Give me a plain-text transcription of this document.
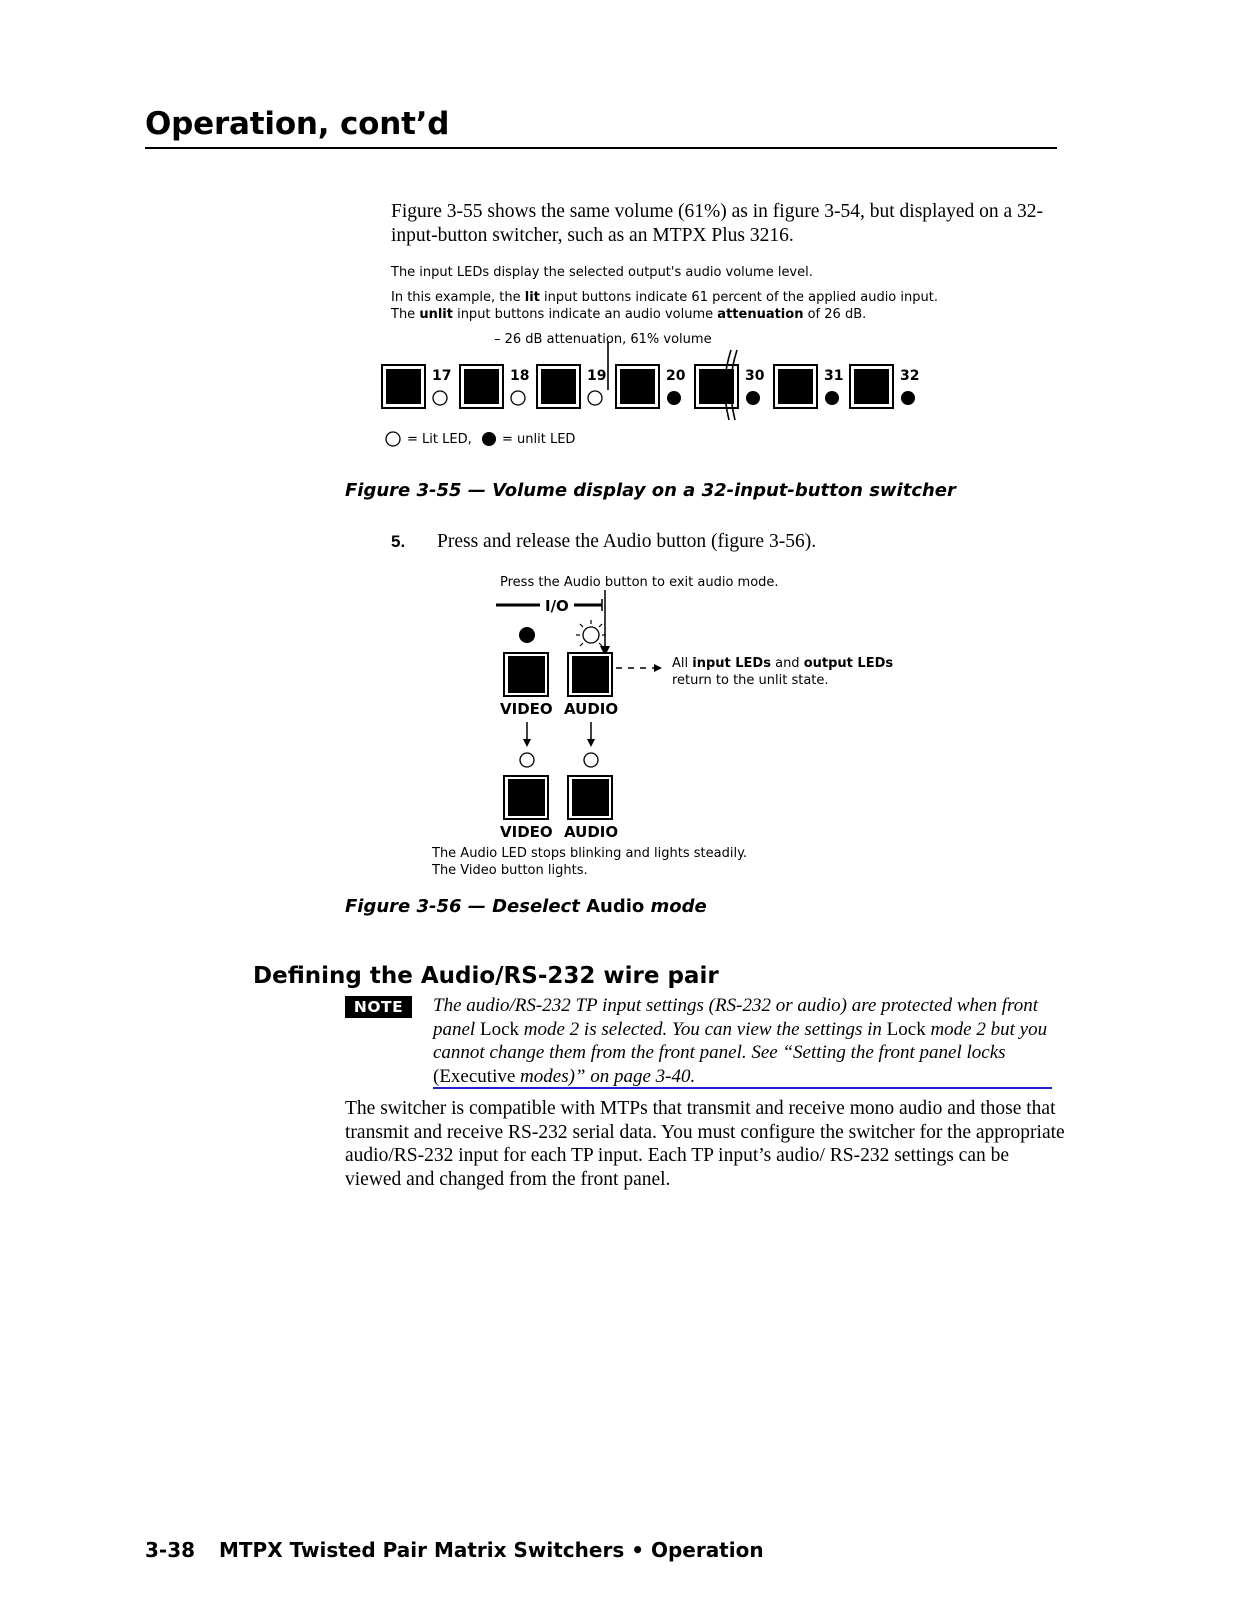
Operation, cont’d

Figure 3-55 shows the same volume (61%) as in figure 3-54, but displayed on a 32-input-button switcher, such as an MTPX Plus 3216.

The input LEDs display the selected output's audio volume level.
In this example, the lit input buttons indicate 61 percent of the applied audio input.
The unlit input buttons indicate an audio volume attenuation of 26 dB.
– 26 dB attenuation, 61% volume
17	18	19	20	30	31	32
= Lit LED, = unlit LED
Figure 3-55 — Volume display on a 32-input-button switcher
5. Press and release the Audio button (figure 3-56).
Press the Audio button to exit audio mode.
I/O
VIDEO AUDIO
VIDEO AUDIO
All input LEDs and output LEDs
return to the unlit state.
The Audio LED stops blinking and lights steadily.
The Video button lights.
Figure 3-56 — Deselect Audio mode
Defining the Audio/RS-232 wire pair
NOTE	The audio/RS-232 TP input settings (RS-232 or audio) are protected when front panel Lock mode 2 is selected. You can view the settings in Lock mode 2 but you cannot change them from the front panel. See “Setting the front panel locks (Executive modes)” on page 3-40.

The switcher is compatible with MTPs that transmit and receive mono audio and those that transmit and receive RS-232 serial data. You must configure the switcher for the appropriate audio/RS-232 input for each TP input. Each TP input’s audio/ RS-232 settings can be viewed and changed from the front panel.

3-38 MTPX Twisted Pair Matrix Switchers • Operation
